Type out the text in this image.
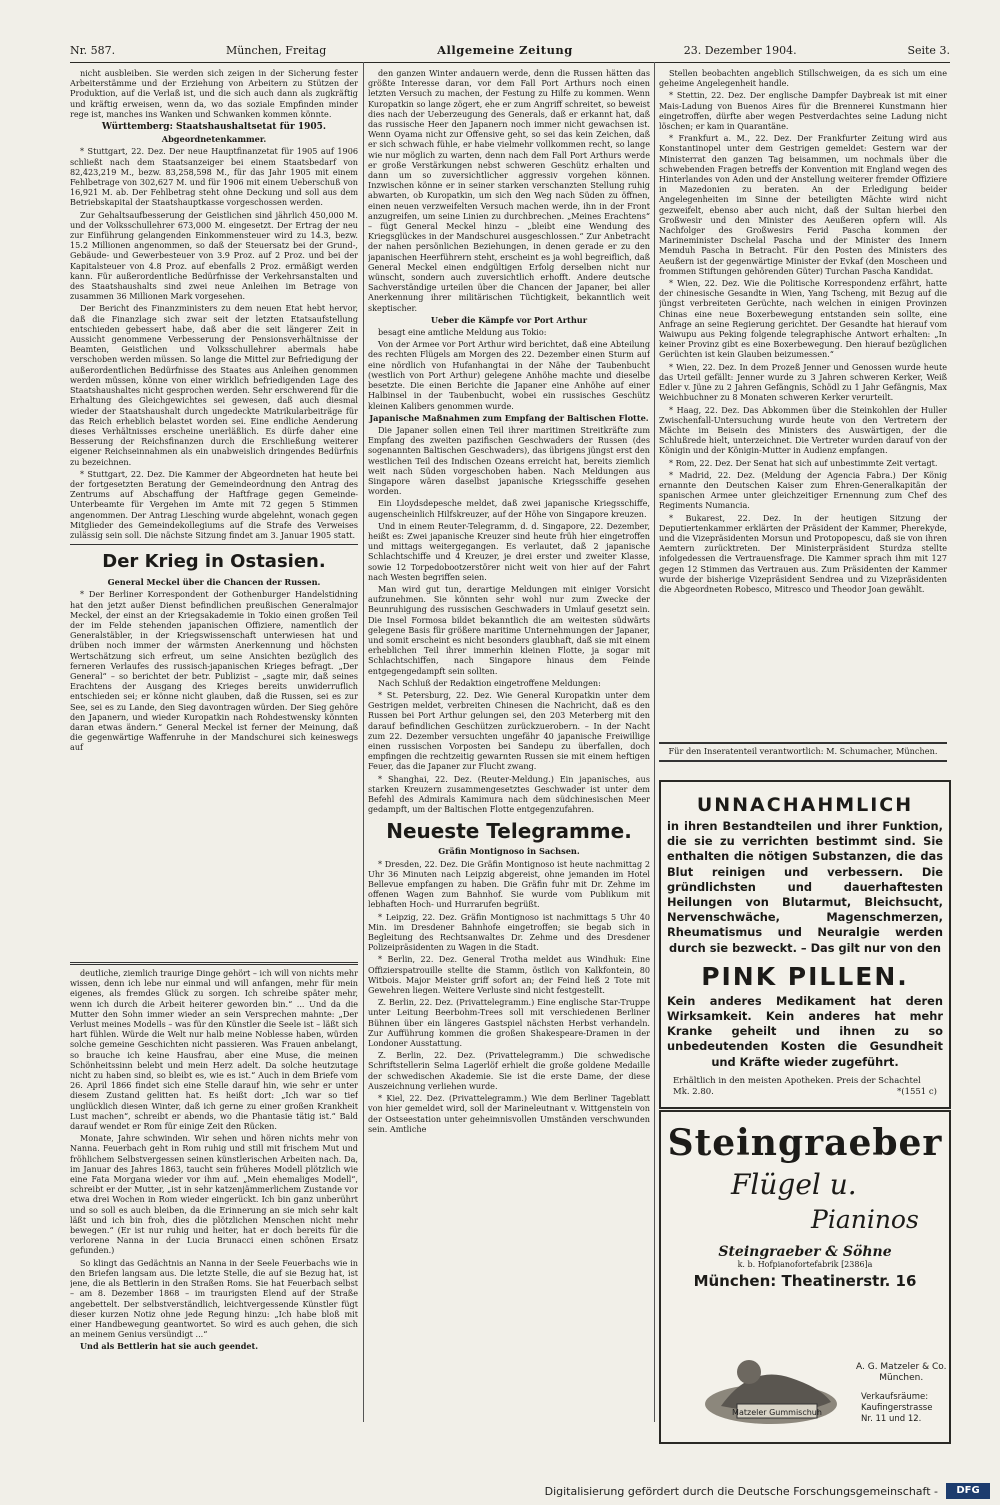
Nr. 587.	München, Freitag	Allgemeine Zeitung	23. Dezember 1904.	Seite 3.

nicht ausbleiben. Sie werden sich zeigen in der Sicherung fester Arbeiterstämme und der Erziehung von Arbeitern zu Stützen der Produktion, auf die Verlaß ist, und die sich auch dann als zugkräftig und kräftig erweisen, wenn da, wo das soziale Empfinden minder rege ist, manches ins Wanken und Schwanken kommen könnte.

Württemberg: Staatshaushaltsetat für 1905.
Abgeordnetenkammer.

* Stuttgart, 22. Dez. Der neue Hauptfinanzetat für 1905 auf 1906 schließt nach dem Staatsanzeiger bei einem Staatsbedarf von 82,423,219 M., bezw. 83,258,598 M., für das Jahr 1905 mit einem Fehlbetrage von 302,627 M. und für 1906 mit einem Ueberschuß von 16,921 M. ab. Der Fehlbetrag steht ohne Deckung und soll aus dem Betriebskapital der Staatshauptkasse vorgeschossen werden.

Zur Gehaltsaufbesserung der Geistlichen sind jährlich 450,000 M. und der Volksschullehrer 673,000 M. eingesetzt. Der Ertrag der neu zur Einführung gelangenden Einkommensteuer wird zu 14.3, bezw. 15.2 Millionen angenommen, so daß der Steuersatz bei der Grund-, Gebäude- und Gewerbesteuer von 3.9 Proz. auf 2 Proz. und bei der Kapitalsteuer von 4.8 Proz. auf ebenfalls 2 Proz. ermäßigt werden kann. Für außerordentliche Bedürfnisse der Verkehrsanstalten und des Staatshaushalts sind zwei neue Anleihen im Betrage von zusammen 36 Millionen Mark vorgesehen.

Der Bericht des Finanzministers zu dem neuen Etat hebt hervor, daß die Finanzlage sich zwar seit der letzten Etatsaufstellung entschieden gebessert habe, daß aber die seit längerer Zeit in Aussicht genommene Verbesserung der Pensionsverhältnisse der Beamten, Geistlichen und Volksschullehrer abermals habe verschoben werden müssen. So lange die Mittel zur Befriedigung der außerordentlichen Bedürfnisse des Staates aus Anleihen genommen werden müssen, könne von einer wirklich befriedigenden Lage des Staatshaushaltes nicht gesprochen werden. Sehr erschwerend für die Erhaltung des Gleichgewichtes sei gewesen, daß auch diesmal wieder der Staatshaushalt durch ungedeckte Matrikularbeiträge für das Reich erheblich belastet worden sei. Eine endliche Aenderung dieses Verhältnisses erscheine unerläßlich. Es dürfe daher eine Besserung der Reichsfinanzen durch die Erschließung weiterer eigener Reichseinnahmen als ein unabweislich dringendes Bedürfnis zu bezeichnen.

* Stuttgart, 22. Dez. Die Kammer der Abgeordneten hat heute bei der fortgesetzten Beratung der Gemeindeordnung den Antrag des Zentrums auf Abschaffung der Haftfrage gegen Gemeinde-Unterbeamte für Vergehen im Amte mit 72 gegen 5 Stimmen angenommen. Der Antrag Liesching wurde abgelehnt, wonach gegen Mitglieder des Gemeindekollegiums auf die Strafe des Verweises zulässig sein soll. Die nächste Sitzung findet am 3. Januar 1905 statt.

Der Krieg in Ostasien.
General Meckel über die Chancen der Russen.

* Der Berliner Korrespondent der Gothenburger Handelstidning hat den jetzt außer Dienst befindlichen preußischen Generalmajor Meckel, der einst an der Kriegsakademie in Tokio einen großen Teil der im Felde stehenden japanischen Offiziere, namentlich der Generalstäbler, in der Kriegswissenschaft unterwiesen hat und drüben noch immer der wärmsten Anerkennung und höchsten Wertschätzung sich erfreut, um seine Ansichten bezüglich des ferneren Verlaufes des russisch-japanischen Krieges befragt. „Der General“ – so berichtet der betr. Publizist – „sagte mir, daß seines Erachtens der Ausgang des Krieges bereits unwiderruflich entschieden sei; er könne nicht glauben, daß die Russen, sei es zur See, sei es zu Lande, den Sieg davontragen würden. Der Sieg gehöre den Japanern, und wieder Kuropatkin nach Rohdestwensky könnten daran etwas ändern.“ General Meckel ist ferner der Meinung, daß die gegenwärtige Waffenruhe in der Mandschurei sich keineswegs auf

deutliche, ziemlich traurige Dinge gehört – ich will von nichts mehr wissen, denn ich lebe nur einmal und will anfangen, mehr für mein eigenes, als fremdes Glück zu sorgen. Ich schreibe später mehr, wenn ich durch die Arbeit heiterer geworden bin.“ ... Und da die Mutter den Sohn immer wieder an sein Versprechen mahnte: „Der Verlust meines Modells – was für den Künstler die Seele ist – läßt sich hart fühlen. Würde die Welt nur halb meine Noblesse haben, würden solche gemeine Geschichten nicht passieren. Was Frauen anbelangt, so brauche ich keine Hausfrau, aber eine Muse, die meinen Schönheitssinn belebt und mein Herz adelt. Da solche heutzutage nicht zu haben sind, so bleibt es, wie es ist.“ Auch in dem Briefe vom 26. April 1866 findet sich eine Stelle darauf hin, wie sehr er unter diesem Zustand gelitten hat. Es heißt dort: „Ich war so tief unglücklich diesen Winter, daß ich gerne zu einer großen Krankheit Lust machen“, schreibt er abends, wo die Phantasie tätig ist.“ Bald darauf wendet er Rom für einige Zeit den Rücken.

Monate, Jahre schwinden. Wir sehen und hören nichts mehr von Nanna. Feuerbach geht in Rom ruhig und still mit frischem Mut und fröhlichem Selbstvergessen seinen künstlerischen Arbeiten nach. Da, im Januar des Jahres 1863, taucht sein früheres Modell plötzlich wie eine Fata Morgana wieder vor ihm auf. „Mein ehemaliges Modell“, schreibt er der Mutter, „ist in sehr katzenjämmerlichem Zustande vor etwa drei Wochen in Rom wieder eingerückt. Ich bin ganz unberührt und so soll es auch bleiben, da die Erinnerung an sie mich sehr kalt läßt und ich bin froh, dies die plötzlichen Menschen nicht mehr bewegen.“ (Er ist nur ruhig und heiter, hat er doch bereits für die verlorene Nanna in der Lucia Brunacci einen schönen Ersatz gefunden.)

So klingt das Gedächtnis an Nanna in der Seele Feuerbachs wie in den Briefen langsam aus. Die letzte Stelle, die auf sie Bezug hat, ist jene, die als Bettlerin in den Straßen Roms. Sie hat Feuerbach selbst – am 8. Dezember 1868 – im traurigsten Elend auf der Straße angebettelt. Der selbstverständlich, leichtvergessende Künstler fügt dieser kurzen Notiz ohne jede Regung hinzu: „Ich habe bloß mit einer Handbewegung geantwortet. So wird es auch gehen, die sich an meinem Genius versündigt ...“

Und als Bettlerin hat sie auch geendet.

den ganzen Winter andauern werde, denn die Russen hätten das größte Interesse daran, vor dem Fall Port Arthurs noch einen letzten Versuch zu machen, der Festung zu Hilfe zu kommen. Wenn Kuropatkin so lange zögert, ehe er zum Angriff schreitet, so beweist dies nach der Ueberzeugung des Generals, daß er erkannt hat, daß das russische Heer den Japanern noch immer nicht gewachsen ist. Wenn Oyama nicht zur Offensive geht, so sei das kein Zeichen, daß er sich schwach fühle, er habe vielmehr vollkommen recht, so lange wie nur möglich zu warten, denn nach dem Fall Port Arthurs werde er große Verstärkungen nebst schweren Geschütz erhalten und dann um so zuversichtlicher aggressiv vorgehen können. Inzwischen könne er in seiner starken verschanzten Stellung ruhig abwarten, ob Kuropatkin, um sich den Weg nach Süden zu öffnen, einen neuen verzweifelten Versuch machen werde, ihn in der Front anzugreifen, um seine Linien zu durchbrechen. „Meines Erachtens“ – fügt General Meckel hinzu – „bleibt eine Wendung des Kriegsglückes in der Mandschurei ausgeschlossen.“ Zur Anbetracht der nahen persönlichen Beziehungen, in denen gerade er zu den japanischen Heerführern steht, erscheint es ja wohl begreiflich, daß General Meckel einen endgültigen Erfolg derselben nicht nur wünscht, sondern auch zuversichtlich erhofft. Andere deutsche Sachverständige urteilen über die Chancen der Japaner, bei aller Anerkennung ihrer militärischen Tüchtigkeit, bekanntlich weit skeptischer.

Ueber die Kämpfe vor Port Arthur

besagt eine amtliche Meldung aus Tokio:

Von der Armee vor Port Arthur wird berichtet, daß eine Abteilung des rechten Flügels am Morgen des 22. Dezember einen Sturm auf eine nördlich von Hufanhangtai in der Nähe der Taubenbucht (westlich von Port Arthur) gelegene Anhöhe machte und dieselbe besetzte. Die einen Berichte die Japaner eine Anhöhe auf einer Halbinsel in der Taubenbucht, wobei ein russisches Geschütz kleinen Kalibers genommen wurde.

Japanische Maßnahmen zum Empfang der Baltischen Flotte.

Die Japaner sollen einen Teil ihrer maritimen Streitkräfte zum Empfang des zweiten pazifischen Geschwaders der Russen (des sogenannten Baltischen Geschwaders), das übrigens jüngst erst den westlichen Teil des Indischen Ozeans erreicht hat, bereits ziemlich weit nach Süden vorgeschoben haben. Nach Meldungen aus Singapore wären daselbst japanische Kriegsschiffe gesehen worden.

Ein Lloydsdepesche meldet, daß zwei japanische Kriegsschiffe, augenscheinlich Hilfskreuzer, auf der Höhe von Singapore kreuzen.

Und in einem Reuter-Telegramm, d. d. Singapore, 22. Dezember, heißt es: Zwei japanische Kreuzer sind heute früh hier eingetroffen und mittags weitergegangen. Es verlautet, daß 2 japanische Schlachtschiffe und 4 Kreuzer, je drei erster und zweiter Klasse, sowie 12 Torpedobootzerstörer nicht weit von hier auf der Fahrt nach Westen begriffen seien.

Man wird gut tun, derartige Meldungen mit einiger Vorsicht aufzunehmen. Sie könnten sehr wohl nur zum Zwecke der Beunruhigung des russischen Geschwaders in Umlauf gesetzt sein. Die Insel Formosa bildet bekanntlich die am weitesten südwärts gelegene Basis für größere maritime Unternehmungen der Japaner, und somit erscheint es nicht besonders glaubhaft, daß sie mit einem erheblichen Teil ihrer immerhin kleinen Flotte, ja sogar mit Schlachtschiffen, nach Singapore hinaus dem Feinde entgegengedampft sein sollten.

Nach Schluß der Redaktion eingetroffene Meldungen:

* St. Petersburg, 22. Dez. Wie General Kuropatkin unter dem Gestrigen meldet, verbreiten Chinesen die Nachricht, daß es den Russen bei Port Arthur gelungen sei, den 203 Meterberg mit den darauf befindlichen Geschützen zurückzuerobern. – In der Nacht zum 22. Dezember versuchten ungefähr 40 japanische Freiwillige einen russischen Vorposten bei Sandepu zu überfallen, doch empfingen die rechtzeitig gewarnten Russen sie mit einem heftigen Feuer, das die Japaner zur Flucht zwang.

* Shanghai, 22. Dez. (Reuter-Meldung.) Ein japanisches, aus starken Kreuzern zusammengesetztes Geschwader ist unter dem Befehl des Admirals Kamimura nach dem südchinesischen Meer gedampft, um der Baltischen Flotte entgegenzufahren.

Neueste Telegramme.
Gräfin Montignoso in Sachsen.

* Dresden, 22. Dez. Die Gräfin Montignoso ist heute nachmittag 2 Uhr 36 Minuten nach Leipzig abgereist, ohne jemanden im Hotel Bellevue empfangen zu haben. Die Gräfin fuhr mit Dr. Zehme im offenen Wagen zum Bahnhof. Sie wurde vom Publikum mit lebhaften Hoch- und Hurrarufen begrüßt.

* Leipzig, 22. Dez. Gräfin Montignoso ist nachmittags 5 Uhr 40 Min. im Dresdener Bahnhofe eingetroffen; sie begab sich in Begleitung des Rechtsanwaltes Dr. Zehme und des Dresdener Polizeipräsidenten zu Wagen in die Stadt.

* Berlin, 22. Dez. General Trotha meldet aus Windhuk: Eine Offizierspatrouille stellte die Stamm, östlich von Kalkfontein, 80 Witbois. Major Meister griff sofort an; der Feind ließ 2 Tote mit Gewehren liegen. Weitere Verluste sind nicht festgestellt.

Z. Berlin, 22. Dez. (Privattelegramm.) Eine englische Star-Truppe unter Leitung Beerbohm-Trees soll mit verschiedenen Berliner Bühnen über ein längeres Gastspiel nächsten Herbst verhandeln. Zur Aufführung kommen die großen Shakespeare-Dramen in der Londoner Ausstattung.

Z. Berlin, 22. Dez. (Privattelegramm.) Die schwedische Schriftstellerin Selma Lagerlöf erhielt die große goldene Medaille der schwedischen Akademie. Sie ist die erste Dame, der diese Auszeichnung verliehen wurde.

* Kiel, 22. Dez. (Privattelegramm.) Wie dem Berliner Tageblatt von hier gemeldet wird, soll der Marineleutnant v. Wittgenstein von der Ostseestation unter geheimnisvollen Umständen verschwunden sein. Amtliche

Stellen beobachten angeblich Stillschweigen, da es sich um eine geheime Angelegenheit handle.

* Stettin, 22. Dez. Der englische Dampfer Daybreak ist mit einer Mais-Ladung von Buenos Aires für die Brennerei Kunstmann hier eingetroffen, dürfte aber wegen Pestverdachtes seine Ladung nicht löschen; er kam in Quarantäne.

* Frankfurt a. M., 22. Dez. Der Frankfurter Zeitung wird aus Konstantinopel unter dem Gestrigen gemeldet: Gestern war der Ministerrat den ganzen Tag beisammen, um nochmals über die schwebenden Fragen betreffs der Konvention mit England wegen des Hinterlandes von Aden und der Anstellung weiterer fremder Offiziere in Mazedonien zu beraten. An der Erledigung beider Angelegenheiten im Sinne der beteiligten Mächte wird nicht gezweifelt, ebenso aber auch nicht, daß der Sultan hierbei den Großwesir und den Minister des Aeußeren opfern will. Als Nachfolger des Großwesirs Ferid Pascha kommen der Marineminister Dschelal Pascha und der Minister des Innern Memduh Pascha in Betracht. Für den Posten des Ministers des Aeußern ist der gegenwärtige Minister der Evkaf (den Moscheen und frommen Stiftungen gehörenden Güter) Turchan Pascha Kandidat.

* Wien, 22. Dez. Wie die Politische Korrespondenz erfährt, hatte der chinesische Gesandte in Wien, Yang Tscheng, mit Bezug auf die jüngst verbreiteten Gerüchte, nach welchen in einigen Provinzen Chinas eine neue Boxerbewegung entstanden sein sollte, eine Anfrage an seine Regierung gerichtet. Der Gesandte hat hierauf vom Waiwupu aus Peking folgende telegraphische Antwort erhalten: „In keiner Provinz gibt es eine Boxerbewegung. Den hierauf bezüglichen Gerüchten ist kein Glauben beizumessen.“

* Wien, 22. Dez. In dem Prozeß Jenner und Genossen wurde heute das Urteil gefällt: Jenner wurde zu 3 Jahren schweren Kerker, Weiß Edler v. Jüne zu 2 Jahren Gefängnis, Schödl zu 1 Jahr Gefängnis, Max Weichbuchner zu 8 Monaten schweren Kerker verurteilt.

* Haag, 22. Dez. Das Abkommen über die Steinkohlen der Huller Zwischenfall-Untersuchung wurde heute von den Vertretern der Mächte im Beisein des Ministers des Auswärtigen, der die Schlußrede hielt, unterzeichnet. Die Vertreter wurden darauf von der Königin und der Königin-Mutter in Audienz empfangen.

* Rom, 22. Dez. Der Senat hat sich auf unbestimmte Zeit vertagt.

* Madrid, 22. Dez. (Meldung der Agencia Fabra.) Der König ernannte den Deutschen Kaiser zum Ehren-Generalkapitän der spanischen Armee unter gleichzeitiger Ernennung zum Chef des Regiments Numancia.

* Bukarest, 22. Dez. In der heutigen Sitzung der Deputiertenkammer erklärten der Präsident der Kammer, Pherekyde, und die Vizepräsidenten Morsun und Protopopescu, daß sie von ihren Aemtern zurücktreten. Der Ministerpräsident Sturdza stellte infolgedessen die Vertrauensfrage. Die Kammer sprach ihm mit 127 gegen 12 Stimmen das Vertrauen aus. Zum Präsidenten der Kammer wurde der bisherige Vizepräsident Sendrea und zu Vizepräsidenten die Abgeordneten Robesco, Mitresco und Theodor Joan gewählt.

Für den Inseratenteil verantwortlich: M. Schumacher, München.
UNNACHAHMLICH
in ihren Bestandteilen und ihrer Funktion, die sie zu verrichten bestimmt sind. Sie enthalten die nötigen Substanzen, die das Blut reinigen und verbessern. Die gründlichsten und dauerhaftesten Heilungen von Blutarmut, Bleichsucht, Nervenschwäche, Magenschmerzen, Rheumatismus und Neuralgie werden durch sie bezweckt. – Das gilt nur von den
PINK PILLEN.
Kein anderes Medikament hat deren Wirksamkeit. Kein anderes hat mehr Kranke geheilt und ihnen zu so unbedeutenden Kosten die Gesundheit und Kräfte wieder zugeführt.
Erhältlich in den meisten Apotheken. Preis der Schachtel Mk. 2.80.	*(1551 c)
Steingraeber
Flügel u.
Pianinos
Steingraeber & Söhne
k. b. Hofpianofortefabrik [2386]a
München: Theatinerstr. 16
Matzeler Gummischuh
A. G. Matzeler & Co.
München.
Verkaufsräume:
Kaufingerstrasse
Nr. 11 und 12.
Digitalisierung gefördert durch die Deutsche Forschungsgemeinschaft -	DFG
